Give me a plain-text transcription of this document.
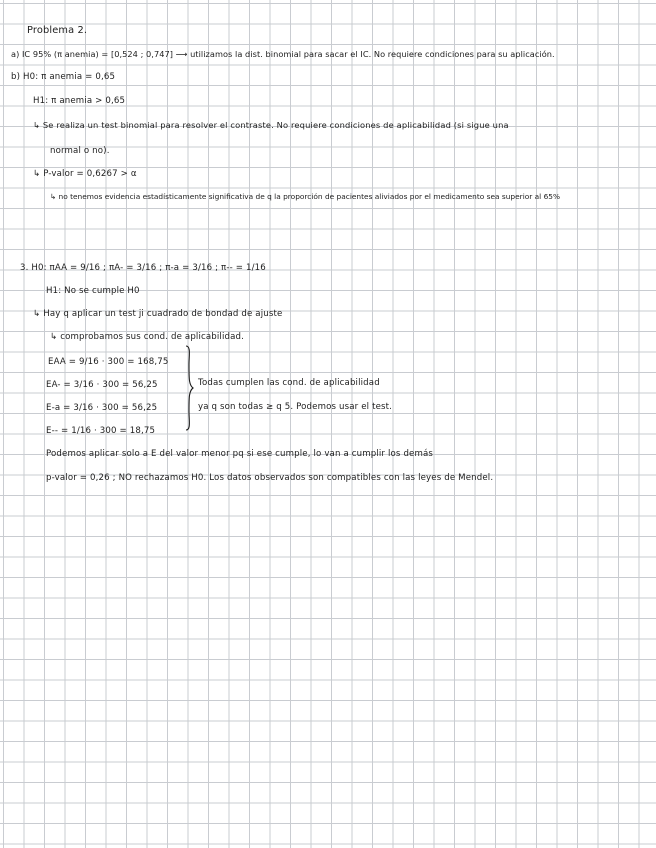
Problema 2.
a) IC 95% (π anemia) = [0,524 ; 0,747] ⟶ utilizamos la dist. binomial para sacar el IC. No requiere condiciones para su aplicación.
b) H0: π anemia = 0,65
H1: π anemia > 0,65
↳ Se realiza un test binomial para resolver el contraste. No requiere condiciones de aplicabilidad (si sigue una
normal o no).
↳ P-valor = 0,6267 > α
↳ no tenemos evidencia estadísticamente significativa de q la proporción de pacientes aliviados por el medicamento sea superior al 65%
3. H0: πAA = 9/16 ; πA- = 3/16 ; π-a = 3/16 ; π-- = 1/16
H1: No se cumple H0
↳ Hay q aplicar un test ji cuadrado de bondad de ajuste
↳ comprobamos sus cond. de aplicabilidad.
EAA = 9/16 · 300 = 168,75
EA- = 3/16 · 300 = 56,25
E-a = 3/16 · 300 = 56,25
E-- = 1/16 · 300 = 18,75
Todas cumplen las cond. de aplicabilidad
ya q son todas ≥ q 5. Podemos usar el test.
Podemos aplicar solo a E del valor menor pq si ese cumple, lo van a cumplir los demás
p-valor = 0,26 ; NO rechazamos H0. Los datos observados son compatibles con las leyes de Mendel.
